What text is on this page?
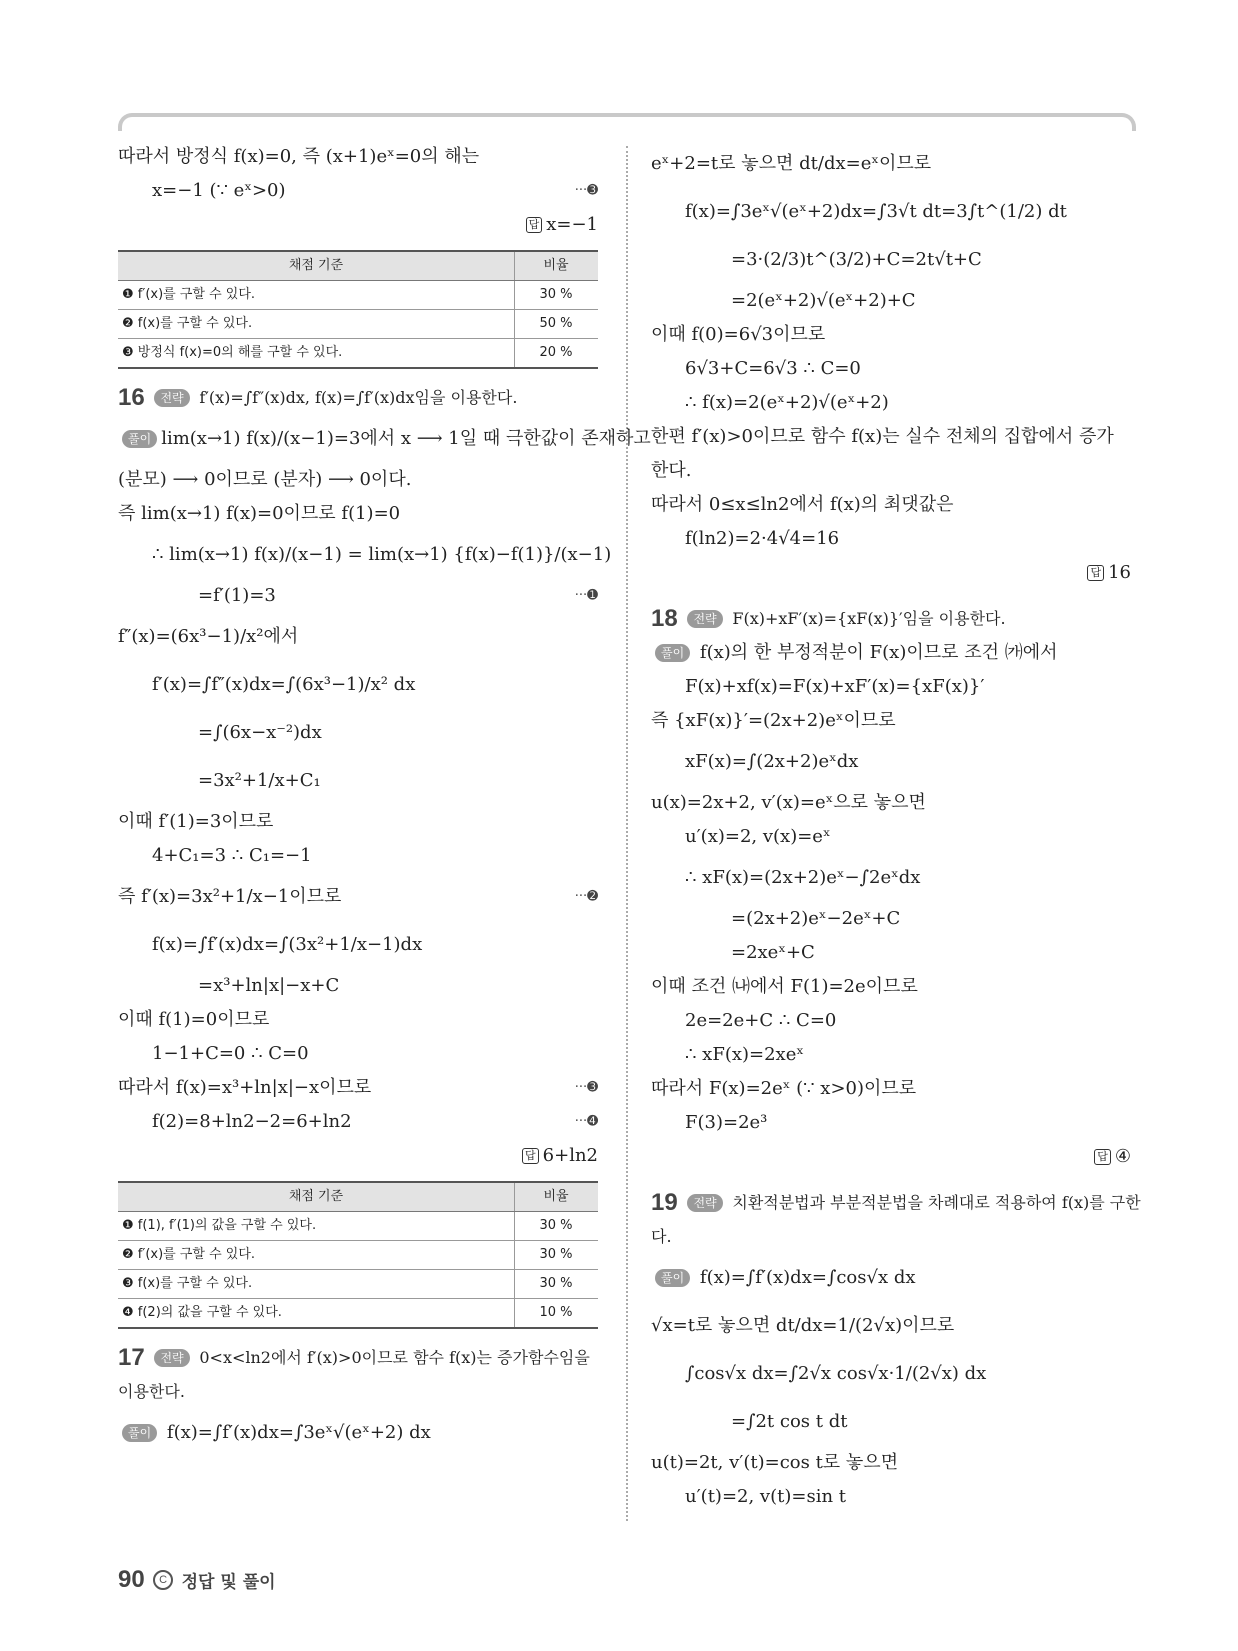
따라서 방정식 f(x)=0, 즉 (x+1)eˣ=0의 해는
x=−1 (∵ eˣ>0)	···➌
답 x=−1
채점 기준	비율
❶ f′(x)를 구할 수 있다.	30 %
❷ f(x)를 구할 수 있다.	50 %
❸ 방정식 f(x)=0의 해를 구할 수 있다.	20 %
16 전략 f′(x)=∫f″(x)dx, f(x)=∫f′(x)dx임을 이용한다.
풀이 lim(x→1) f(x)/(x−1)=3에서 x ⟶ 1일 때 극한값이 존재하고
(분모) ⟶ 0이므로 (분자) ⟶ 0이다.
즉 lim(x→1) f(x)=0이므로 f(1)=0
∴ lim(x→1) f(x)/(x−1) = lim(x→1) {f(x)−f(1)}/(x−1)
=f′(1)=3	···➊
f″(x)=(6x³−1)/x²에서
f′(x)=∫f″(x)dx=∫(6x³−1)/x² dx
=∫(6x−x⁻²)dx
=3x²+1/x+C₁
이때 f′(1)=3이므로
4+C₁=3 ∴ C₁=−1
즉 f′(x)=3x²+1/x−1이므로	···➋
f(x)=∫f′(x)dx=∫(3x²+1/x−1)dx
=x³+ln|x|−x+C
이때 f(1)=0이므로
1−1+C=0 ∴ C=0
따라서 f(x)=x³+ln|x|−x이므로	···➌
f(2)=8+ln2−2=6+ln2	···➍
답 6+ln2
채점 기준	비율
❶ f(1), f′(1)의 값을 구할 수 있다.	30 %
❷ f′(x)를 구할 수 있다.	30 %
❸ f(x)를 구할 수 있다.	30 %
❹ f(2)의 값을 구할 수 있다.	10 %
17 전략 0<x<ln2에서 f′(x)>0이므로 함수 f(x)는 증가함수임을
이용한다.
풀이 f(x)=∫f′(x)dx=∫3eˣ√(eˣ+2) dx
eˣ+2=t로 놓으면 dt/dx=eˣ이므로
f(x)=∫3eˣ√(eˣ+2)dx=∫3√t dt=3∫t^(1/2) dt
=3·(2/3)t^(3/2)+C=2t√t+C
=2(eˣ+2)√(eˣ+2)+C
이때 f(0)=6√3이므로
6√3+C=6√3 ∴ C=0
∴ f(x)=2(eˣ+2)√(eˣ+2)
한편 f′(x)>0이므로 함수 f(x)는 실수 전체의 집합에서 증가
한다.
따라서 0≤x≤ln2에서 f(x)의 최댓값은
f(ln2)=2·4√4=16
답 16
18 전략 F(x)+xF′(x)={xF(x)}′임을 이용한다.
풀이 f(x)의 한 부정적분이 F(x)이므로 조건 ㈎에서
F(x)+xf(x)=F(x)+xF′(x)={xF(x)}′
즉 {xF(x)}′=(2x+2)eˣ이므로
xF(x)=∫(2x+2)eˣdx
u(x)=2x+2, v′(x)=eˣ으로 놓으면
u′(x)=2, v(x)=eˣ
∴ xF(x)=(2x+2)eˣ−∫2eˣdx
=(2x+2)eˣ−2eˣ+C
=2xeˣ+C
이때 조건 ㈏에서 F(1)=2e이므로
2e=2e+C ∴ C=0
∴ xF(x)=2xeˣ
따라서 F(x)=2eˣ (∵ x>0)이므로
F(3)=2e³
답 ④
19 전략 치환적분법과 부분적분법을 차례대로 적용하여 f(x)를 구한
다.
풀이 f(x)=∫f′(x)dx=∫cos√x dx
√x=t로 놓으면 dt/dx=1/(2√x)이므로
∫cos√x dx=∫2√x cos√x·1/(2√x) dx
=∫2t cos t dt
u(t)=2t, v′(t)=cos t로 놓으면
u′(t)=2, v(t)=sin t
90 C 정답 및 풀이
